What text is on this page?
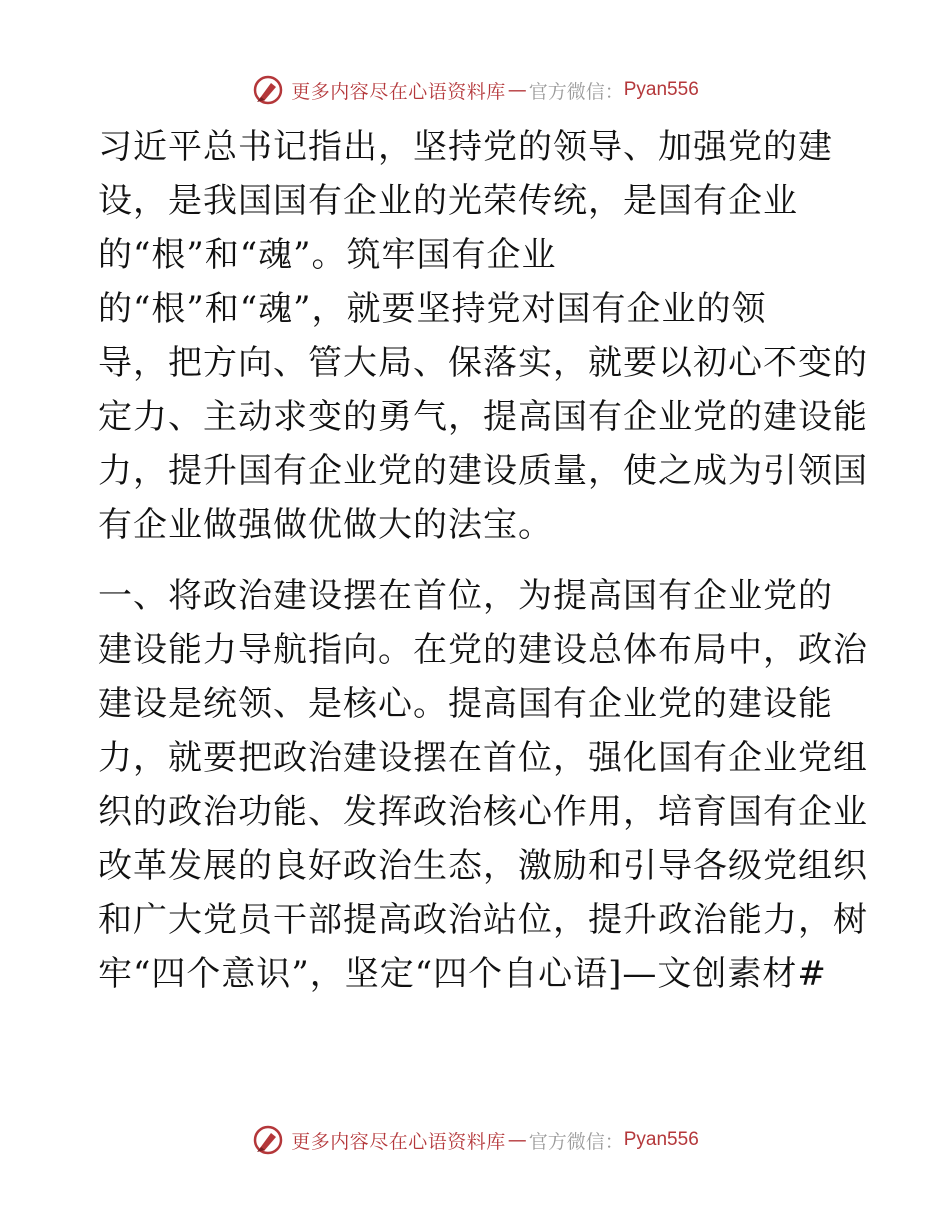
更多内容尽在心语资料库 — 官方微信： Pyan556
习近平总书记指出，坚持党的领导、加强党的建
设，是我国国有企业的光荣传统，是国有企业
的“根”和“魂”。筑牢国有企业
的“根”和“魂”，就要坚持党对国有企业的领
导，把方向、管大局、保落实，就要以初心不变的
定力、主动求变的勇气，提高国有企业党的建设能
力，提升国有企业党的建设质量，使之成为引领国
有企业做强做优做大的法宝。
一、将政治建设摆在首位，为提高国有企业党的
建设能力导航指向。在党的建设总体布局中，政治
建设是统领、是核心。提高国有企业党的建设能
力，就要把政治建设摆在首位，强化国有企业党组
织的政治功能、发挥政治核心作用，培育国有企业
改革发展的良好政治生态，激励和引导各级党组织
和广大党员干部提高政治站位，提升政治能力，树
牢“四个意识”，坚定“四个自心语]—文创素材#
更多内容尽在心语资料库 — 官方微信： Pyan556
